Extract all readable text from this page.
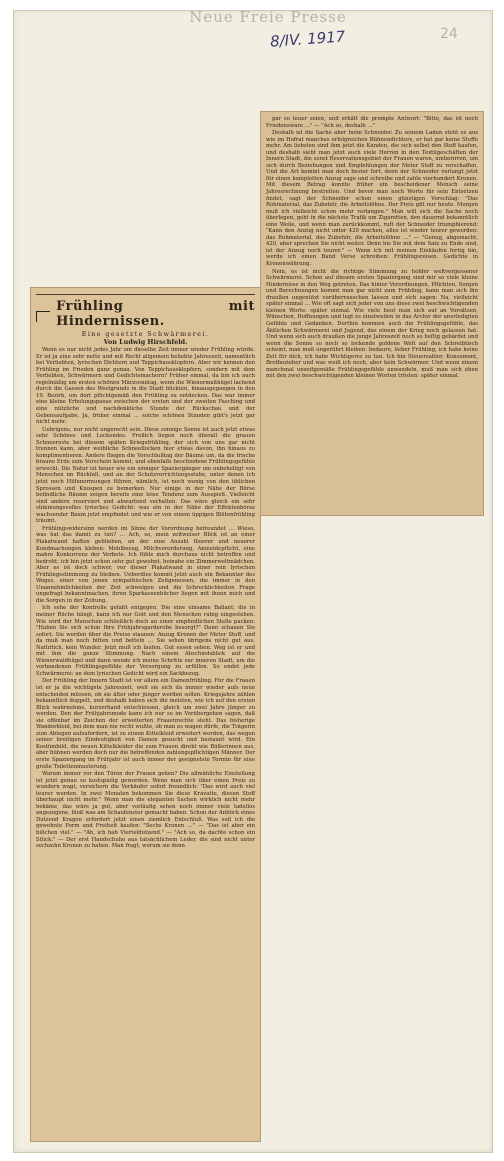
Neue Freie Presse
8/IV. 1917	24
Frühling mit Hindernissen.
Eine gesetzte Schwärmerei.
Von Ludwig Hirschfeld.

Wenn es nur nicht jedes Jahr um dieselbe Zeit immer wieder Frühling würde. Er ist ja eine sehr nette und mit Recht allgemein beliebte Jahreszeit, namentlich bei Verliebten, lyrischen Dichtern und Teppichausklopfern. Aber wir kennen den Frühling im Frieden ganz genau. Von Teppichausklopfern, sondern mit dem Verliebten, Schwärmern und Gedichtemachern? Früher einmal, da bin ich auch regelmäßig um ersten schönen Märzsonntag, wenn die Wienermaßhügel lachend durch die Gassen des Westgrunds in die Stadt blickten, hinausgegangen in den 19. Bezirk, um dort pflichtgemäß den Frühling zu entdecken. Das war immer eine kleine Erholungspause zwischen der ersten und der zweiten Fasching und eine nützliche und nachdenkliche Stunde der Rückschau und der Gebensaufgabe. Ja, früher einmal … solche schönen Stunden gibt's jetzt gar nicht mehr.

Uebrigens, nur nicht ungerecht sein. Diese sonnige Sonne ist auch jetzt etwas sehr Schönes und Lockendes. Freilich liegen noch überall die grauen Schneereste bei diesem späten Kriegsfrühling, der sich von uns gar nicht trennen kann, aber weibliche Schneeflocken hier etwas davon, ihn hinaus zu komplimentieren. Andere fliegen die Vorschlußtag der Bäume um, da die frische braune Erde zum Vorschein kommt, und ebenfalls beschiedene Frühlingsgefühle erweckt. Die Natur ist heuer wie ein sinniger Spaziergänger um unbehelligt von Menschen im Rückfall, und an der Schutzvorrichtungsstube, unter denen ich jetzt noch Hilfenormungen führen, nämlich, ist noch wenig von den üblichen Sprossen und Knospen zu bemerken. Nur einige in der Nähe der Börse befindliche Bäume zeigen bereits eine leise Tendenz zum Ausspieß. Vielleicht sind andere reserviert und abwartend verhalten. Das wäre gleich ein sehr stimmungsvolles lyrisches Gedicht: was ein in der Nähe der Effektenbörse wachsender Baum jetzt empfindet und wie er von einem üppigen Blütenfrühling träumt.

Frühlingswidersinn werden im Sinne der Vorordnung befreundet … Wieso, was hat das damit zu tun? … Ach, so, mein zeitweiser Blick ist an einer Plakatwand haften geblieben, an der eine Anzahl flieerer und neuerer Kundmachungen kleben: Mehlbezug, Milchverorderung, Anmeldepflicht, eine mahre Konkurrenz der Verbote. Ich fühle mich durchaus nicht betroffen und bedroht: ich bin jetzt schon sehr gut gewohnt, beinahe ein Zimmerweltmädchen. Aber es ist doch schwer, vor dieser Plakatwand in einer rein lyrischen Frühlingsstimmung zu bleiben. Ueberdies kommt jetzt auch ein Bekannter des Weges, einer von jenen sympathischen Zeitgenossen, die immer in den Unannehmlichkeiten der Zeit schwelgen und die Schrecklichkeiten Frage ungefragt bekanntmachen, ihren Sparkassenbücher liegen mit ihnen mich und die Sorgen in der Zeitung.

Ich sehe der Kontrolle gefaßt entgegen. Die eine einsame Ballant, die in meiner Rüche hängt, kann ich nur Gott und den Menschen ruhig eingestehen. Wie wird der Menschen schließlich doch an einer empfindlichen Stelle packen: "Haben Sie sich schon Ihre Frühjahrsgarderobe besorgt?" Dann schauen Sie sofort. Sie werden über die Preise staunen: Anzug Kronen der Meter Stoff, und da muß man noch bitten und betteln … Sie sehen übrigens nicht gut aus. Natürlich, kein Wunder. Jetzt muß ich laufen. Gut essen sehen. Weg ist er und mit ihm die ganze Stimmung. Nach einem Abschiedsblick auf die Wienerwaldhügel und dann wende ich meine Schritte zur inneren Stadt, um die vorhandenen Frühlingsgefühle der Versorgung zu erfüllen. So endet jede Schwärmerei: an dem lyrischen Gedicht wird ein Sackbezug.

Der Frühling der Innern Stadt ist vor allem ein Damenfrühling. Für die Frauen ist er ja die wichtigste Jahreszeit, weil sie sich da immer wieder aufs neue entscheiden müssen, ob sie älter oder jünger werden sollen. Kriegsjahre zählen bekanntlich doppelt, und deshalb haben sich die meisten, wie ich auf den ersten Blick wahrnehme, kurzerhand entschlossen, gleich um zwei Jahre jünger zu werden. Den der Frühjahrsmode kann ich nur so im Vorübergehen sagen, daß sie offenbar im Zeichen der erweiterten Frauenrechte steht. Das bisherige Wanderkleid, bei dem man nie recht wußte, ob man es wagen dürfe, die Trägerin zum Ablegen aufzufordern, ist zu einem Kittelkleid erweitert worden, das wegen seiner breitigen Eindeutigkeit von Damen gesucht und bestaunt wird. Ein Kostümbild, die neuen Kittelkleider die zum Frauen direkt wie Büßerinnen aus, aber bühnen werden doch nur die betreffenden zahlungspflichtigen Männer. Der erste Spaziergang im Frühjahr ist auch immer der geeignetste Termin für eine große Toilettenmusterung.

Warum immer vor den Türen der Frauen gehen? Die allmähliche Einstellung ist jetzt genau so kostspielig geworden. Wenn man sich über einen Preis zu wundern wagt, versichern die Verkäufer sofort freundlich: "Das wird auch viel teurer werden. In zwei Monaten bekommen Sie diese Kravatte, diesen Stoff überhaupt nicht mehr." Wenn man die eleganten Sachen wirklich nicht mehr bekäme, das wäre ja gut, aber vorläufig sehen noch immer viele tadellos angezogene, bloß was am Schaufenster gemacht haben. Schon der Anblick eines Dutzend Kragen erfordert jetzt einen ziemlich Entschluß. Was soll ich die gewohnte Form und Freiheit kaufen: "Sechs Kronen …" — "Das ist aber ein bißchen viel." — "Ah, ich hab Vierteldutzend." — "Ach so, da dachte schon ein Stück." — Der erst Handschuhe aus tatsächlichem Leder, die sind nicht unter sechzehn Kronen zu haben. Man fragt, worum sie denn

gar so teuer seien, und erhält die prompte Antwort: "Bitte, das ist noch Friedensware …" — "Ach so, deshalb …"

Deshalb ist die Sache aber beim Schneider. Zu seinem Laden steht es aus wie im Hofrat manches erfolgreichen Bühnendichters, er hat gar keine Stoffe mehr. Am liebsten sind ihm jetzt die Kunden, die sich selbst den Stoff kaufen, und deshalb sieht man jetzt auch viele Herren in den Textilgeschäften der Innern Stadt, die sonst Reservationsgebiet der Frauen waren, umherirren, um sich durch Beziehungen und Empfehlungen der Meter Stoff zu verschaffen. Und die Art kommt man doch bester fort, denn der Schneider verlangt jetzt für einen kompletten Anzug sage und schreibe und zahle vierhundert Kronen. Mit diesem Betrag konnte früher ein bescheidener Mensch seine Jahresrechnung bestreiten. Und bevor man noch Worte für sein Entsetzen findet, sagt der Schneider schon einen günstigen Vorschlag: "Das Rohmaterial, das Zubehör, die Arbeitslöhne. Der Preis gilt nur heute. Morgen muß ich vielleicht schon mehr verlangen." Man will sich die Sache noch überlegen, geht in die nächste Trafik um Zigaretten, den dauernd bekanntlich eine Weile, und wenn man zurückkommt, ruft der Schneider triumphierend: "Kann den Anzug nicht unter 420 machen, alles ist wieder teurer geworden: das Rohmaterial, das Zubehör, die Arbeitslöhne …" — "Genug, abgemacht, 420, aber sprechen Sie nicht weiter. Denn bis Sie mit dem Satz zu Ende sind, ist der Anzug noch teurer." — Wenn ich mit meinen Einkäufen fertig bin, werde ich einen Band Verse schreiben: Frühlingsreisen. Gedichte in Kronenwährung.

Nein, es ist nicht die richtige Stimmung zu holder weltvergessener Schwärmerei. Schon auf diesem ersten Spaziergang sind mir so viele kleine Hindernisse in den Weg getreten. Das hinter Verordnungen, Pflichten, Sorgen und Berechnungen kommt man gar nicht zum Frühling, kann man sich ihn draußen ungenützt vorüberrauschen lassen und sich sagen: Na, vielleicht später einmal … Wie oft sagt sich jeder von uns diese zwei beschwichtigenden kleinen Worte: später einmal. Wie viele heut man sich auf an Vorsätzen, Wünschen, Hoffnungen und legt es einstweilen in das Archiv der unerledigten Gefühle und Gedanken. Dorthin kommen auch die Frühlingsgefühle, das Äkßichen Schwärmerei und Jugend, das einem der Krieg noch gelassen hat. Und wenn sich auch draußen die junge Jahreszeit noch so heftig gebärdet und wenn die Sonne so noch so lockende goldene Welt auf den Schreibtisch scheint, man muß ungerührt bleiben: bedaure, lieber Frühling, ich habe keine Zeit für dich, ich habe Wichtigeres zu tun. Ich bin Steuerzahler, Konsument, Brotbezieher und was weiß ich noch, aber kein Schwärmer. Und wenn einem manchmal unzeitgemäße Frühlingsgefühle anwandeln, muß man sich eben mit den zwei beschwichtigenden kleinen Worten trösten: später einmal.
